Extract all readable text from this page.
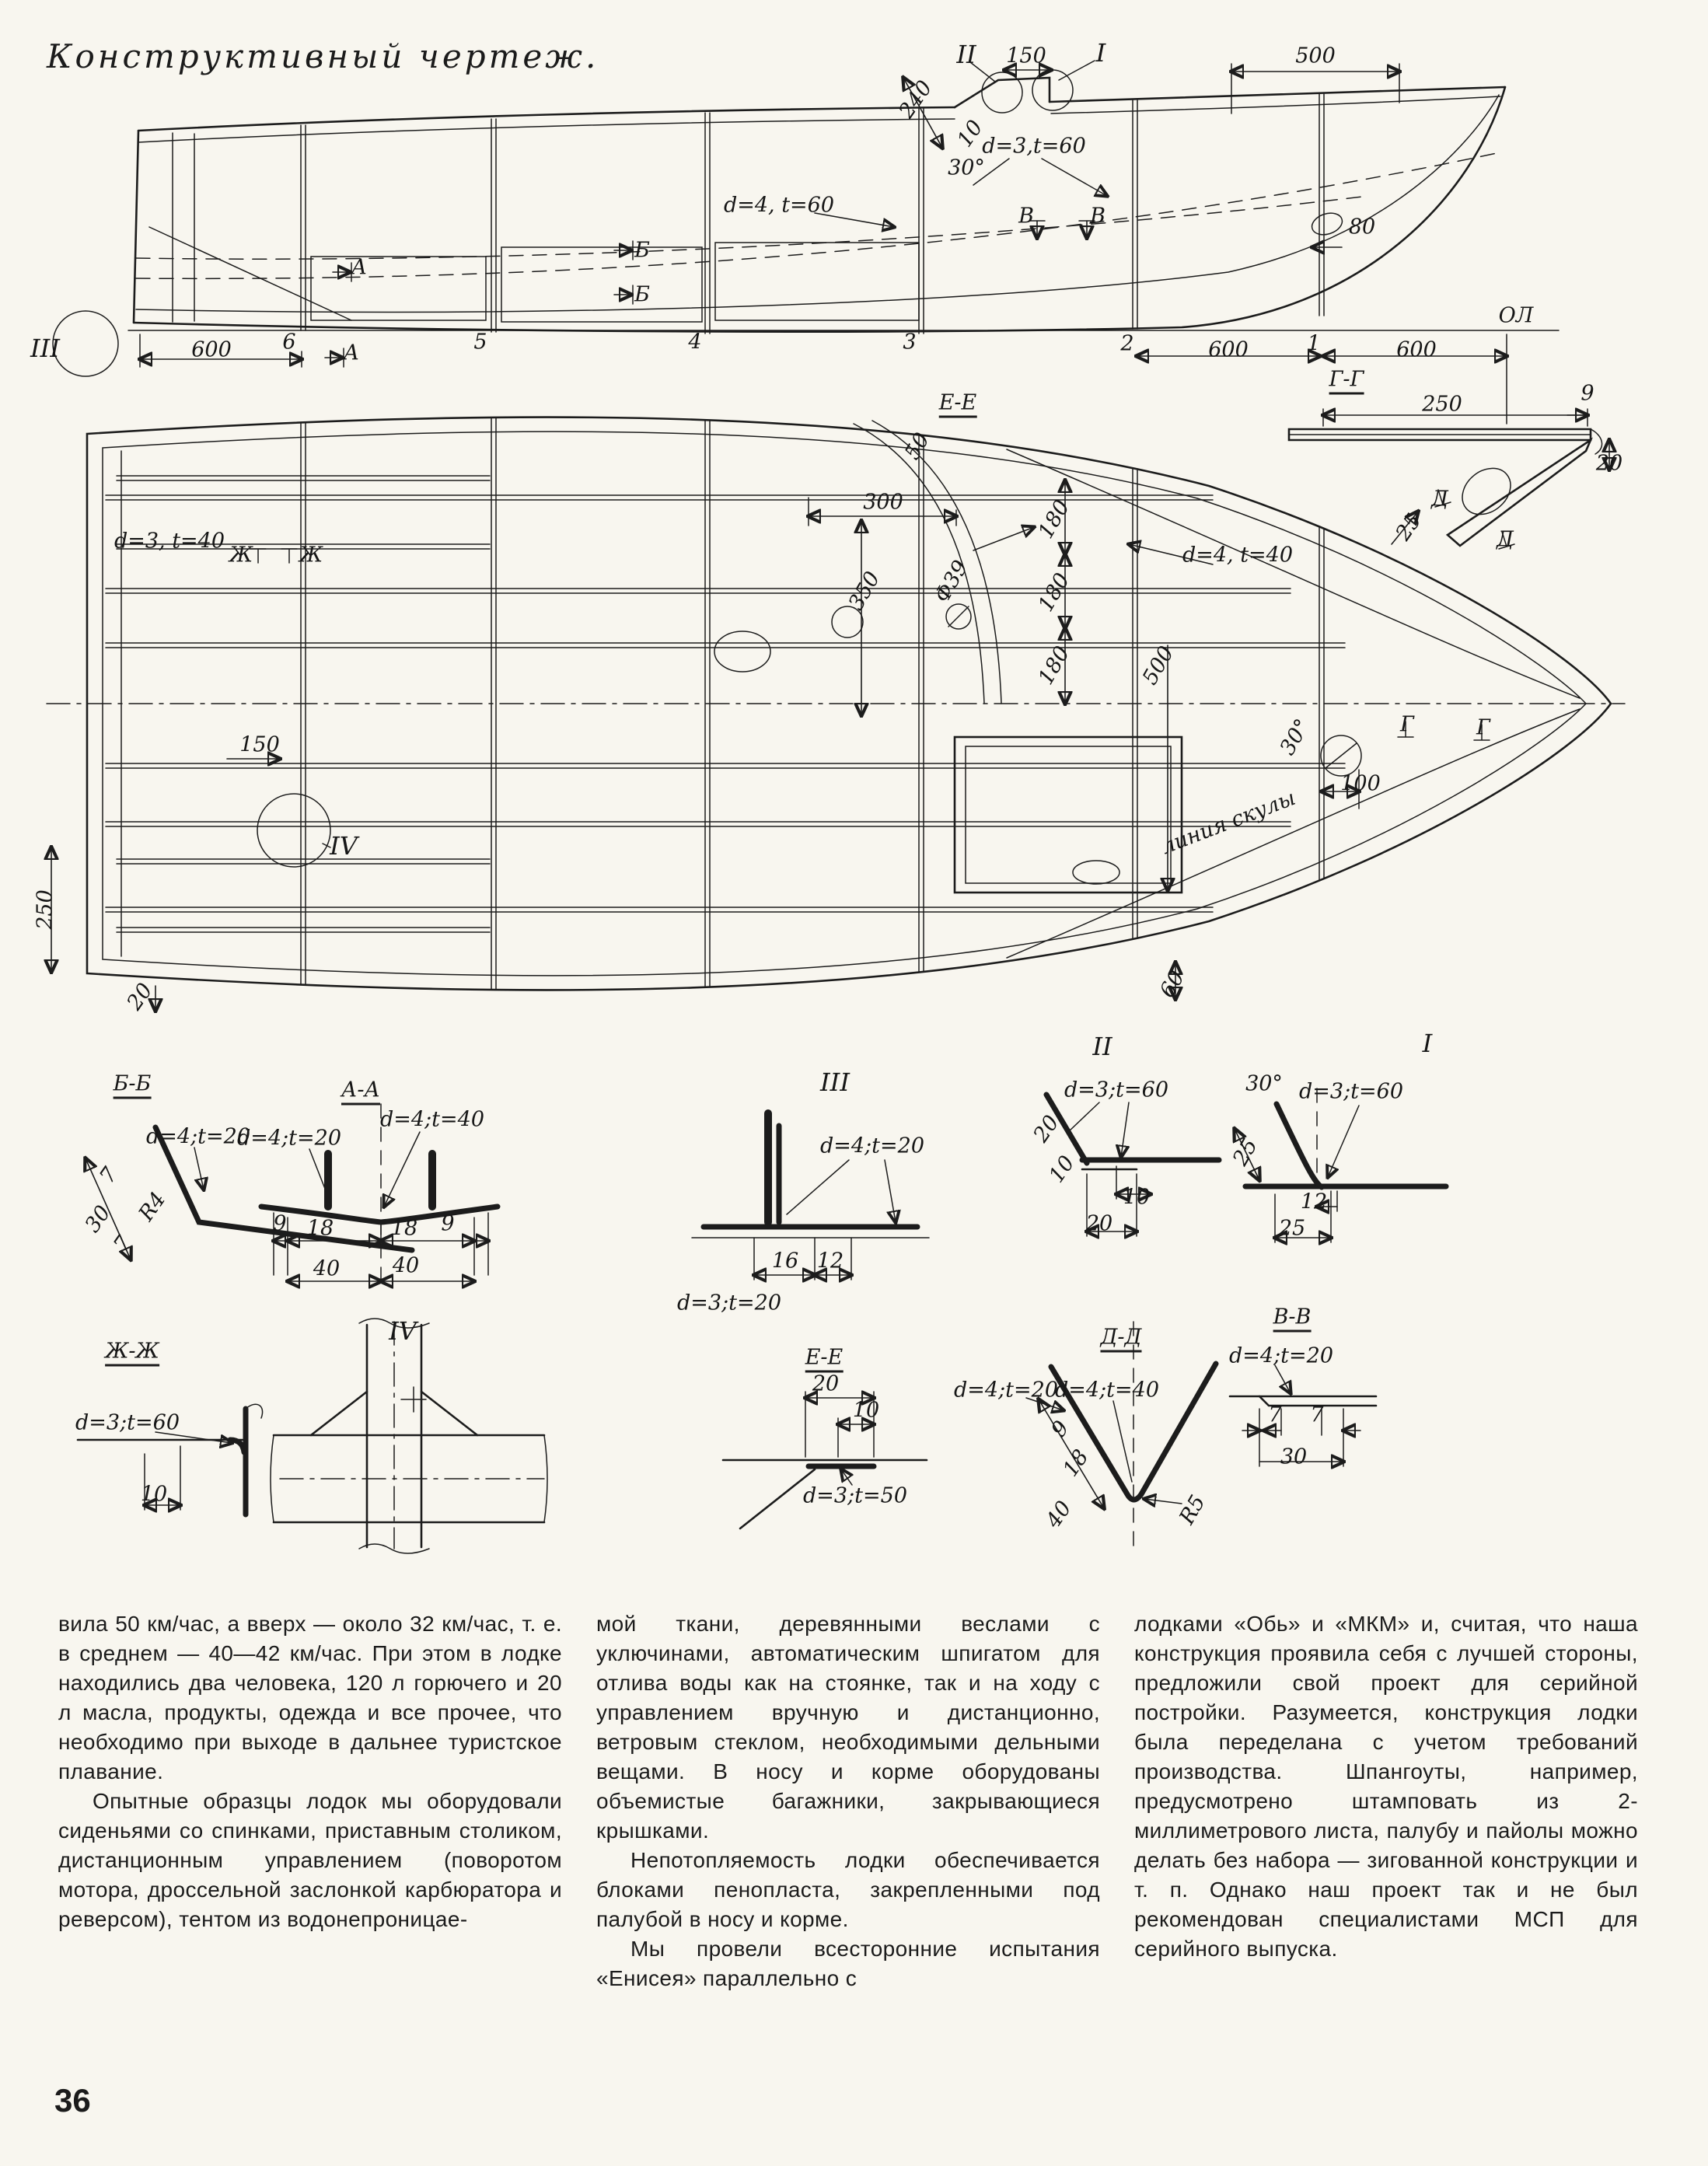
Конструктивный чертеж.	II 150 I	500
d=3,t=60
30°
10
240
d=4, t=60	В	В
Б
Б
А
А
80
ОЛ
III	600 6	5	4	3	2	600	1	600
Г-Г
250	9
20
Д
Д
25
Е-Е
50
300
350 Ф39
180
180
180
d=4, t=40
500
d=3, t=40
Ж Ж
150
250
20
IV	линия скулы
100
30°	Г	Г
60
Б-Б
d=4;t=20
7
30
7
R4
А-А
d=4;t=20
d=4;t=40
9 18	18 9
40	40
III
d=4;t=20
16 12
d=3;t=20
II
d=3;t=60
20
10
10
20
I
30° d=3;t=60
25
12
25
Ж-Ж
d=3;t=60
10
IV
Е-Е
20
10
d=3;t=50
Д-Д
d=4;t=20
d=4;t=40
9
18
40	R5
В-В
d=4;t=20
7 7
30

вила 50 км/час, а вверх — около 32 км/час, т. е. в среднем — 40—42 км/час. При этом в лодке находились два человека, 120 л горючего и 20 л масла, продукты, одежда и все прочее, что необходимо при выходе в дальнее туристское плавание.

Опытные образцы лодок мы оборудовали сиденьями со спинками, приставным столиком, дистанционным управлением (поворотом мотора, дроссельной заслонкой карбюратора и реверсом), тентом из водонепроницае-

мой ткани, деревянными веслами с уключинами, автоматическим шпигатом для отлива воды как на стоянке, так и на ходу с управлением вручную и дистанционно, ветровым стеклом, необходимыми дельными вещами. В носу и корме оборудованы объемистые багажники, закрывающиеся крышками.

Непотопляемость лодки обеспечивается блоками пенопласта, закрепленными под палубой в носу и корме.

Мы провели всесторонние испытания «Енисея» параллельно с

лодками «Обь» и «МКМ» и, считая, что наша конструкция проявила себя с лучшей стороны, предложили свой проект для серийной постройки. Разумеется, конструкция лодки была переделана с учетом требований производства. Шпангоуты, например, предусмотрено штамповать из 2-миллиметрового листа, палубу и пайолы можно делать без набора — зигованной конструкции и т. п. Однако наш проект так и не был рекомендован специалистами МСП для серийного выпуска.

36
